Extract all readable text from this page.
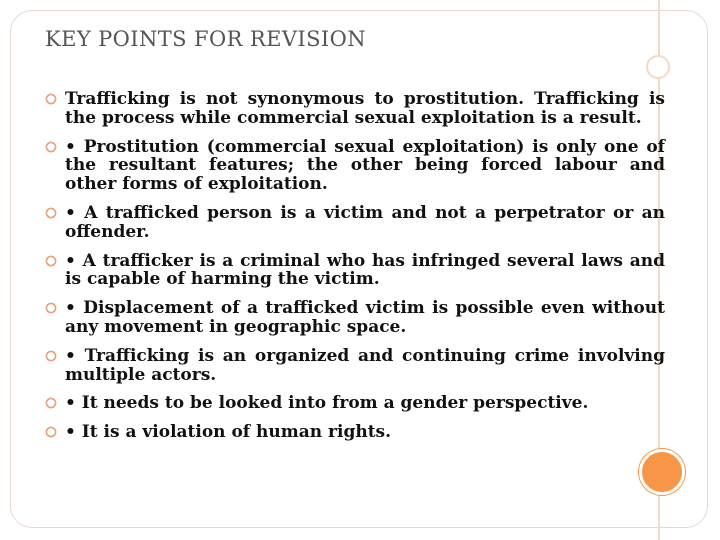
KEY POINTS FOR REVISION
Trafficking is not synonymous to prostitution. Trafficking is the process while commercial sexual exploitation is a result.
• Prostitution (commercial sexual exploitation) is only one of the resultant features; the other being forced labour and other forms of exploitation.
• A trafficked person is a victim and not a perpetrator or an offender.
• A trafficker is a criminal who has infringed several laws and is capable of harming the victim.
• Displacement of a trafficked victim is possible even without any movement in geographic space.
• Trafficking is an organized and continuing crime involving multiple actors.
• It needs to be looked into from a gender perspective.
• It is a violation of human rights.
